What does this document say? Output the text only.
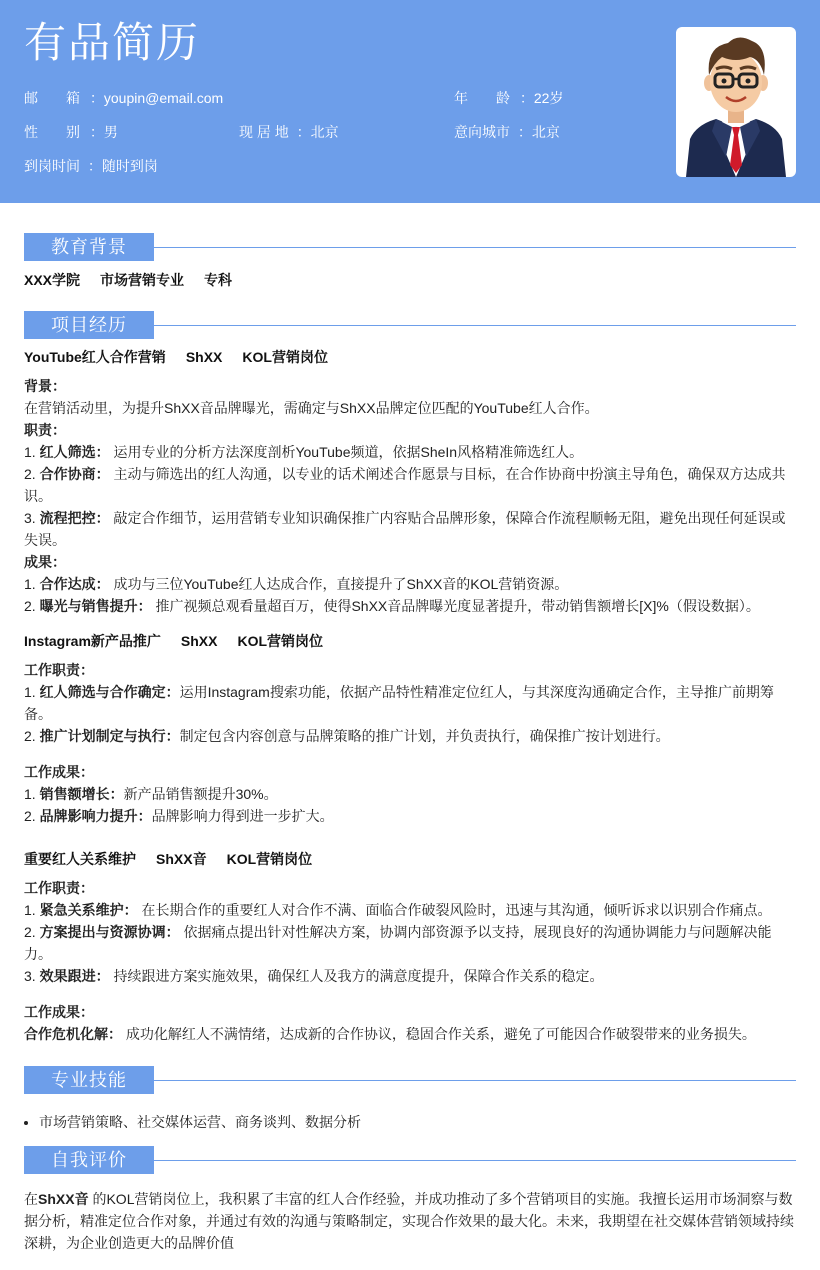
有品简历
邮　　箱 ：youpin@email.com	年　　龄 ：22岁
性　　别 ：男	现 居 地 ：北京	意向城市 ：北京
到岗时间 ：随时到岗
教育背景
XXX学院 市场营销专业 专科
项目经历
YouTube红人合作营销 ShXX KOL营销岗位
背景：
在营销活动里，为提升ShXX音品牌曝光，需确定与ShXX品牌定位匹配的YouTube红人合作。
职责：
1. 红人筛选： 运用专业的分析方法深度剖析YouTube频道，依据SheIn风格精准筛选红人。
2. 合作协商： 主动与筛选出的红人沟通，以专业的话术阐述合作愿景与目标，在合作协商中扮演主导角色，确保双方达成共识。
3. 流程把控： 敲定合作细节，运用营销专业知识确保推广内容贴合品牌形象，保障合作流程顺畅无阻，避免出现任何延误或失误。
成果：
1. 合作达成： 成功与三位YouTube红人达成合作，直接提升了ShXX音的KOL营销资源。
2. 曝光与销售提升： 推广视频总观看量超百万，使得ShXX音品牌曝光度显著提升，带动销售额增长[X]%（假设数据）。
Instagram新产品推广 ShXX KOL营销岗位
工作职责：
1. 红人筛选与合作确定：运用Instagram搜索功能，依据产品特性精准定位红人，与其深度沟通确定合作，主导推广前期筹备。
2. 推广计划制定与执行：制定包含内容创意与品牌策略的推广计划，并负责执行，确保推广按计划进行。
工作成果：
1. 销售额增长：新产品销售额提升30%。
2. 品牌影响力提升：品牌影响力得到进一步扩大。
重要红人关系维护 ShXX音 KOL营销岗位
工作职责：
1. 紧急关系维护： 在长期合作的重要红人对合作不满、面临合作破裂风险时，迅速与其沟通，倾听诉求以识别合作痛点。
2. 方案提出与资源协调： 依据痛点提出针对性解决方案，协调内部资源予以支持，展现良好的沟通协调能力与问题解决能力。
3. 效果跟进： 持续跟进方案实施效果，确保红人及我方的满意度提升，保障合作关系的稳定。
工作成果：
合作危机化解： 成功化解红人不满情绪，达成新的合作协议，稳固合作关系，避免了可能因合作破裂带来的业务损失。
专业技能
• 市场营销策略、社交媒体运营、商务谈判、数据分析
自我评价
在ShXX音 的KOL营销岗位上，我积累了丰富的红人合作经验，并成功推动了多个营销项目的实施。我擅长运用市场洞察与数据分析，精准定位合作对象，并通过有效的沟通与策略制定，实现合作效果的最大化。未来，我期望在社交媒体营销领域持续深耕，为企业创造更大的品牌价值
